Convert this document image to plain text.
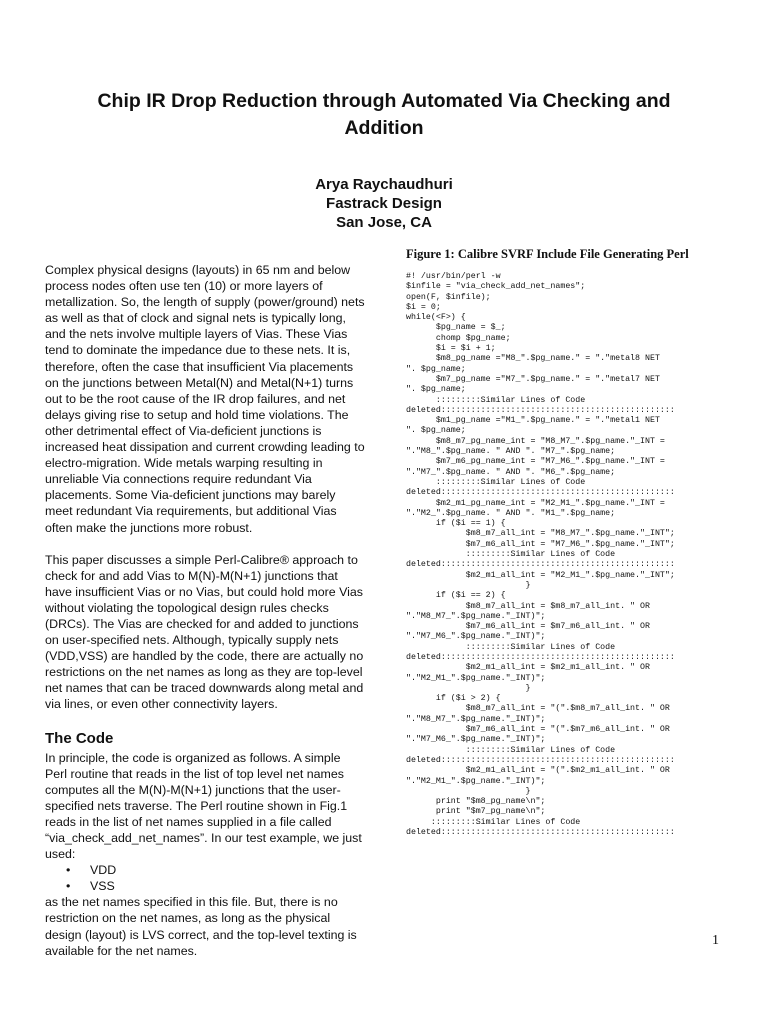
Chip IR Drop Reduction through Automated Via Checking and Addition
Arya Raychaudhuri
Fastrack Design
San Jose, CA

Complex physical designs (layouts) in 65 nm and below process nodes often use ten (10) or more layers of metallization. So, the length of supply (power/ground) nets as well as that of clock and signal nets is typically long, and the nets involve multiple layers of Vias. These Vias tend to dominate the impedance due to these nets. It is, therefore, often the case that insufficient Via placements on the junctions between Metal(N) and Metal(N+1) turns out to be the root cause of the IR drop failures, and net delays giving rise to setup and hold time violations. The other detrimental effect of Via-deficient junctions is increased heat dissipation and current crowding leading to electro-migration. Wide metals warping resulting in unreliable Via connections require redundant Via placements. Some Via-deficient junctions may barely meet redundant Via requirements, but additional Vias often make the junctions more robust.

This paper discusses a simple Perl-Calibre® approach to check for and add Vias to M(N)-M(N+1) junctions that have insufficient Vias or no Vias, but could hold more Vias without violating the topological design rules checks (DRCs). The Vias are checked for and added to junctions on user-specified nets. Although, typically supply nets (VDD,VSS) are handled by the code, there are actually no restrictions on the net names as long as they are top-level net names that can be traced downwards along metal and via lines, or even other connectivity layers.

The Code

In principle, the code is organized as follows. A simple Perl routine that reads in the list of top level net names computes all the M(N)-M(N+1) junctions that the user-specified nets traverse. The Perl routine shown in Fig.1 reads in the list of net names supplied in a file called “via_check_add_net_names”. In our test example, we just used:

• VDD
• VSS

as the net names specified in this file. But, there is no restriction on the net names, as long as the physical design (layout) is LVS correct, and the top-level texting is available for the net names.

Figure 1: Calibre SVRF Include File Generating Perl
#! /usr/bin/perl -w
$infile = "via_check_add_net_names";
open(F, $infile);
$i = 0;
while(<F>) {
$pg_name = $_;
chomp $pg_name;
$i = $i + 1;
$m8_pg_name ="M8_".$pg_name." = "."metal8 NET
". $pg_name;
$m7_pg_name ="M7_".$pg_name." = "."metal7 NET
". $pg_name;
:::::::::Similar Lines of Code
deleted:::::::::::::::::::::::::::::::::::::::::::::::
$m1_pg_name ="M1_".$pg_name." = "."metal1 NET
". $pg_name;
$m8_m7_pg_name_int = "M8_M7_".$pg_name."_INT =
"."M8_".$pg_name. " AND ". "M7_".$pg_name;
$m7_m6_pg_name_int = "M7_M6_".$pg_name."_INT =
"."M7_".$pg_name. " AND ". "M6_".$pg_name;
:::::::::Similar Lines of Code
deleted:::::::::::::::::::::::::::::::::::::::::::::::
$m2_m1_pg_name_int = "M2_M1_".$pg_name."_INT =
"."M2_".$pg_name. " AND ". "M1_".$pg_name;
if ($i == 1) {
$m8_m7_all_int = "M8_M7_".$pg_name."_INT";
$m7_m6_all_int = "M7_M6_".$pg_name."_INT";
:::::::::Similar Lines of Code
deleted:::::::::::::::::::::::::::::::::::::::::::::::
$m2_m1_all_int = "M2_M1_".$pg_name."_INT";
}
if ($i == 2) {
$m8_m7_all_int = $m8_m7_all_int. " OR
"."M8_M7_".$pg_name."_INT)";
$m7_m6_all_int = $m7_m6_all_int. " OR
"."M7_M6_".$pg_name."_INT)";
:::::::::Similar Lines of Code
deleted:::::::::::::::::::::::::::::::::::::::::::::::
$m2_m1_all_int = $m2_m1_all_int. " OR
"."M2_M1_".$pg_name."_INT)";
}
if ($i > 2) {
$m8_m7_all_int = "(".$m8_m7_all_int. " OR
"."M8_M7_".$pg_name."_INT)";
$m7_m6_all_int = "(".$m7_m6_all_int. " OR
"."M7_M6_".$pg_name."_INT)";
:::::::::Similar Lines of Code
deleted:::::::::::::::::::::::::::::::::::::::::::::::
$m2_m1_all_int = "(".$m2_m1_all_int. " OR
"."M2_M1_".$pg_name."_INT)";
}
print "$m8_pg_name\n";
print "$m7_pg_name\n";
:::::::::Similar Lines of Code
deleted:::::::::::::::::::::::::::::::::::::::::::::::
1
